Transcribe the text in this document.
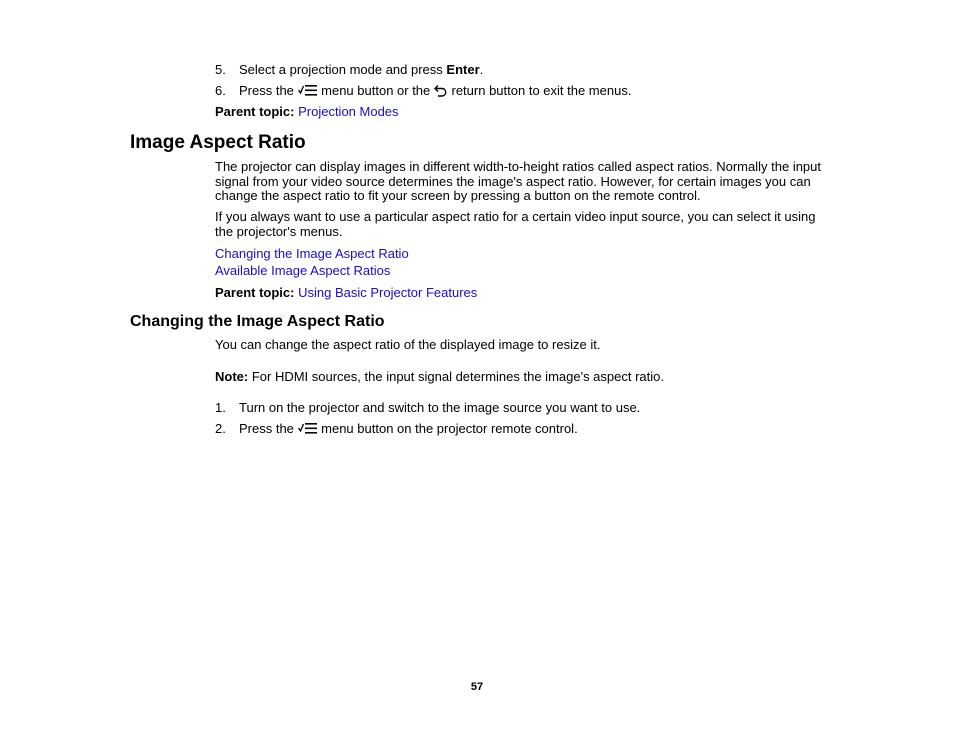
5. Select a projection mode and press Enter.
6. Press the  menu button or the  return button to exit the menus.
Parent topic: Projection Modes
Image Aspect Ratio
The projector can display images in different width-to-height ratios called aspect ratios. Normally the input signal from your video source determines the image's aspect ratio. However, for certain images you can change the aspect ratio to fit your screen by pressing a button on the remote control.
If you always want to use a particular aspect ratio for a certain video input source, you can select it using the projector's menus.
Changing the Image Aspect Ratio
Available Image Aspect Ratios
Parent topic: Using Basic Projector Features
Changing the Image Aspect Ratio
You can change the aspect ratio of the displayed image to resize it.
Note: For HDMI sources, the input signal determines the image's aspect ratio.
1. Turn on the projector and switch to the image source you want to use.
2. Press the  menu button on the projector remote control.
57
